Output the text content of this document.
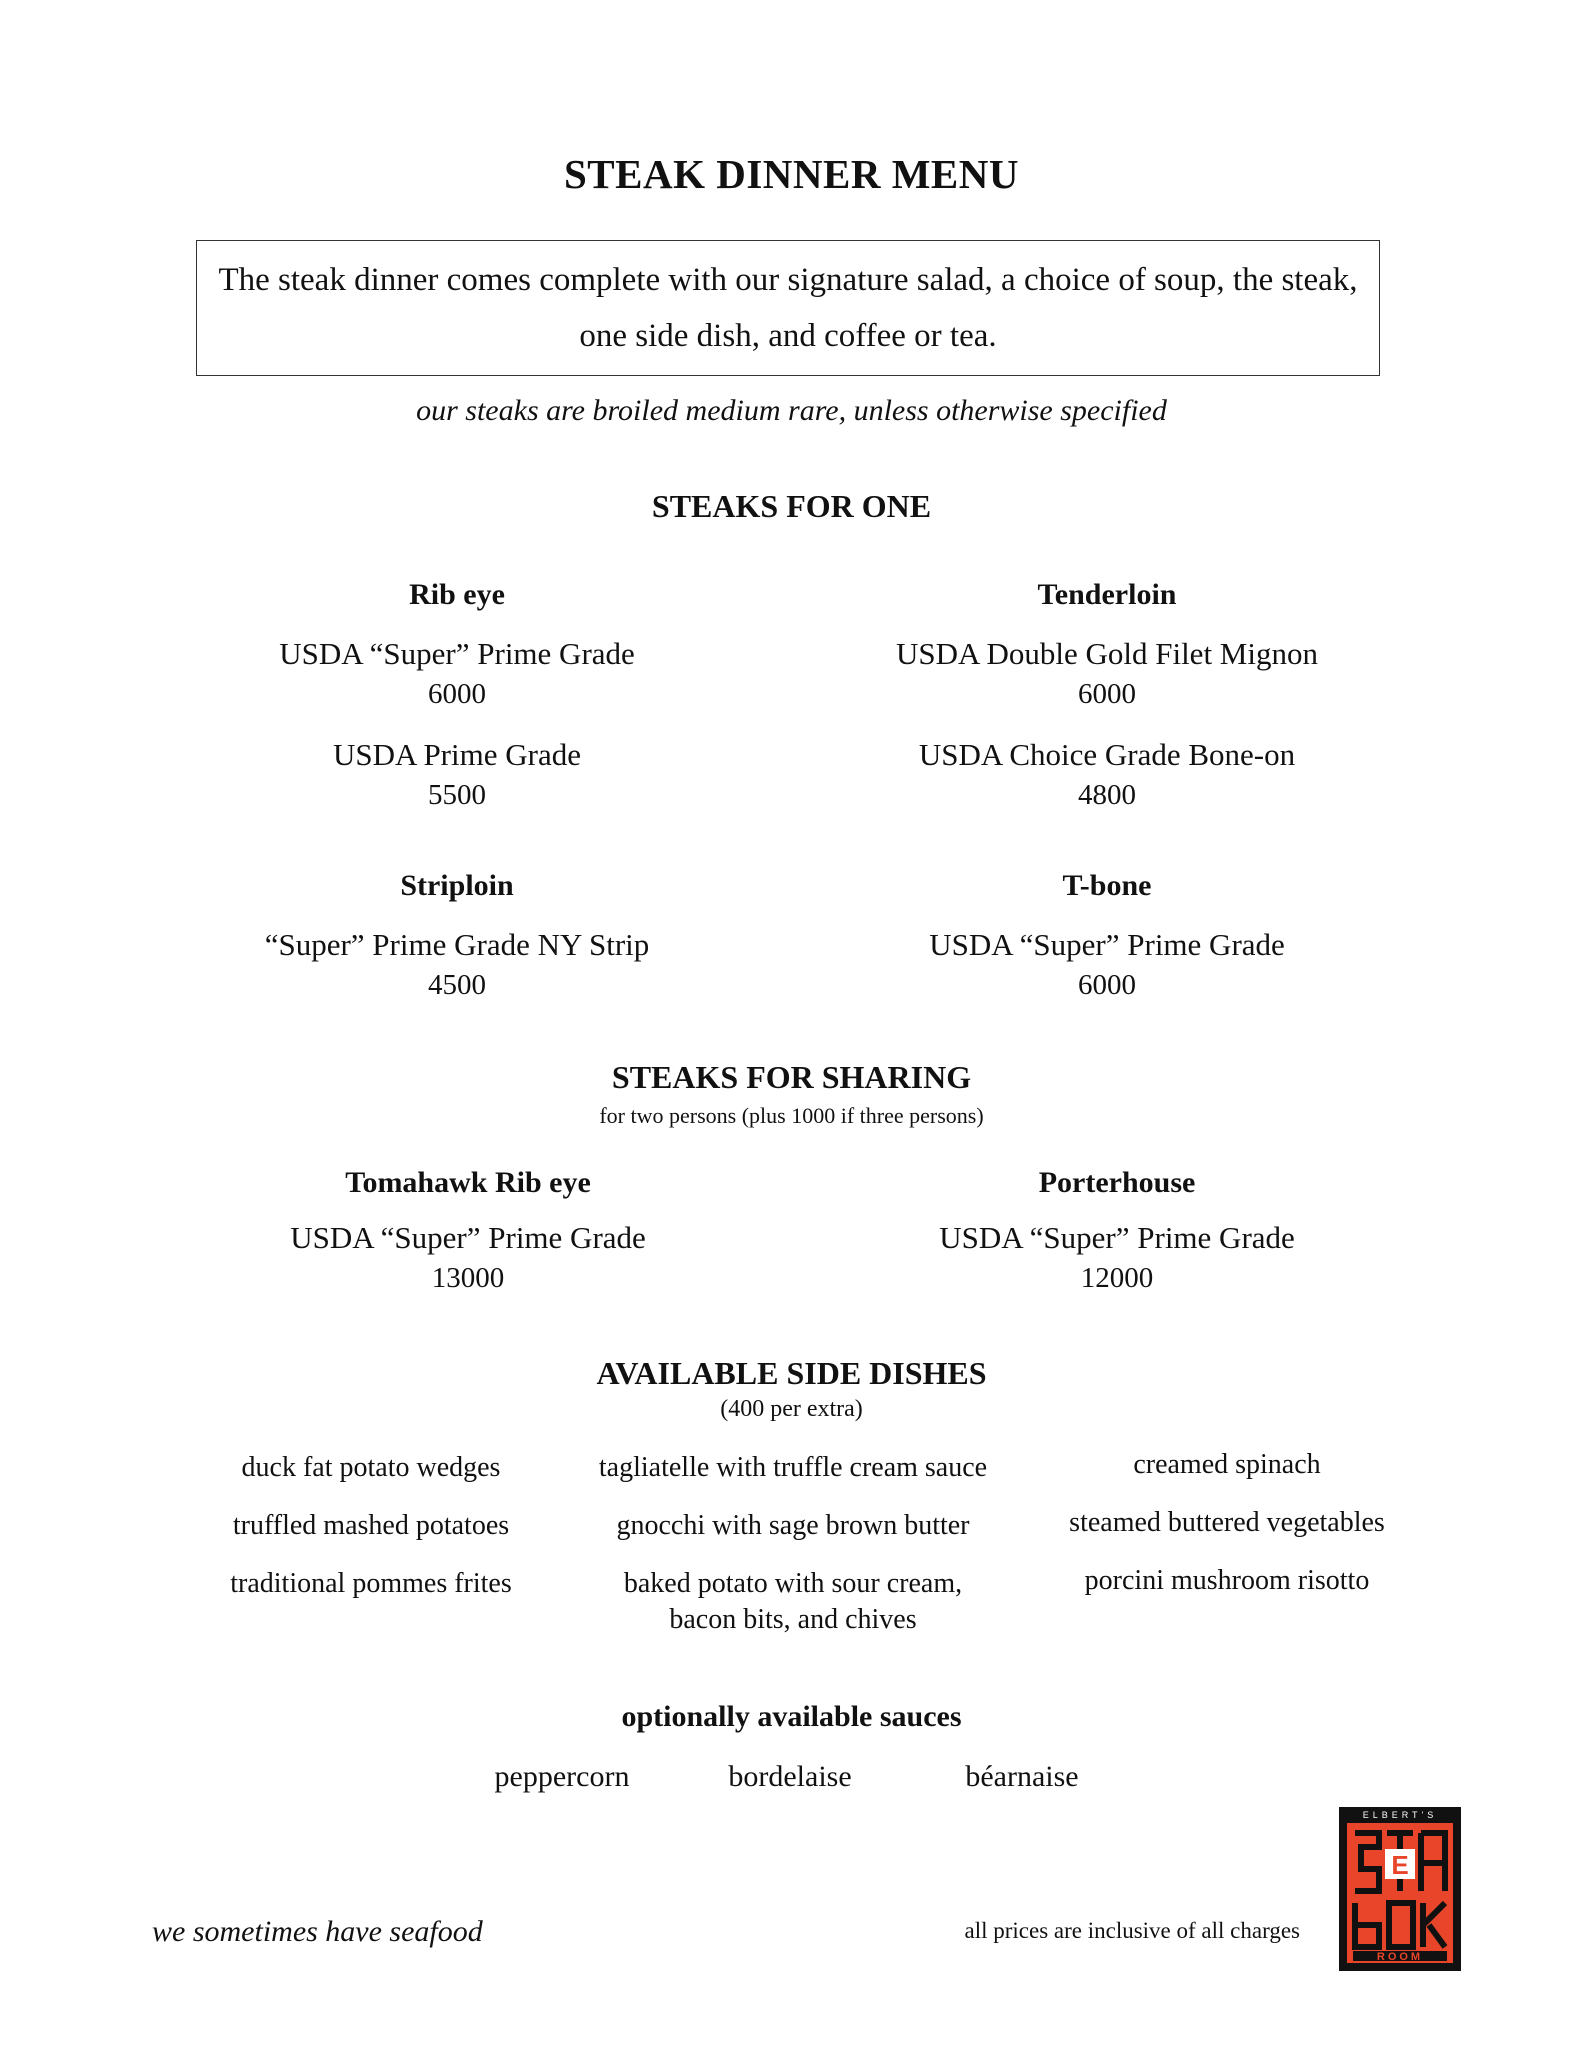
STEAK DINNER MENU
The steak dinner comes complete with our signature salad, a choice of soup, the steak, one side dish, and coffee or tea.
our steaks are broiled medium rare, unless otherwise specified
STEAKS FOR ONE
Rib eye
USDA “Super” Prime Grade
6000
USDA Prime Grade
5500
Tenderloin
USDA Double Gold Filet Mignon
6000
USDA Choice Grade Bone-on
4800
Striploin
“Super” Prime Grade NY Strip
4500
T-bone
USDA “Super” Prime Grade
6000
STEAKS FOR SHARING
for two persons (plus 1000 if three persons)
Tomahawk Rib eye
USDA “Super” Prime Grade
13000
Porterhouse
USDA “Super” Prime Grade
12000
AVAILABLE SIDE DISHES
(400 per extra)
duck fat potato wedges
truffled mashed potatoes
traditional pommes frites
tagliatelle with truffle cream sauce
gnocchi with sage brown butter
baked potato with sour cream,
bacon bits, and chives
creamed spinach
steamed buttered vegetables
porcini mushroom risotto
optionally available sauces
peppercorn	bordelaise	béarnaise
we sometimes have seafood	all prices are inclusive of all charges
ELBERT'S
E
ROOM
